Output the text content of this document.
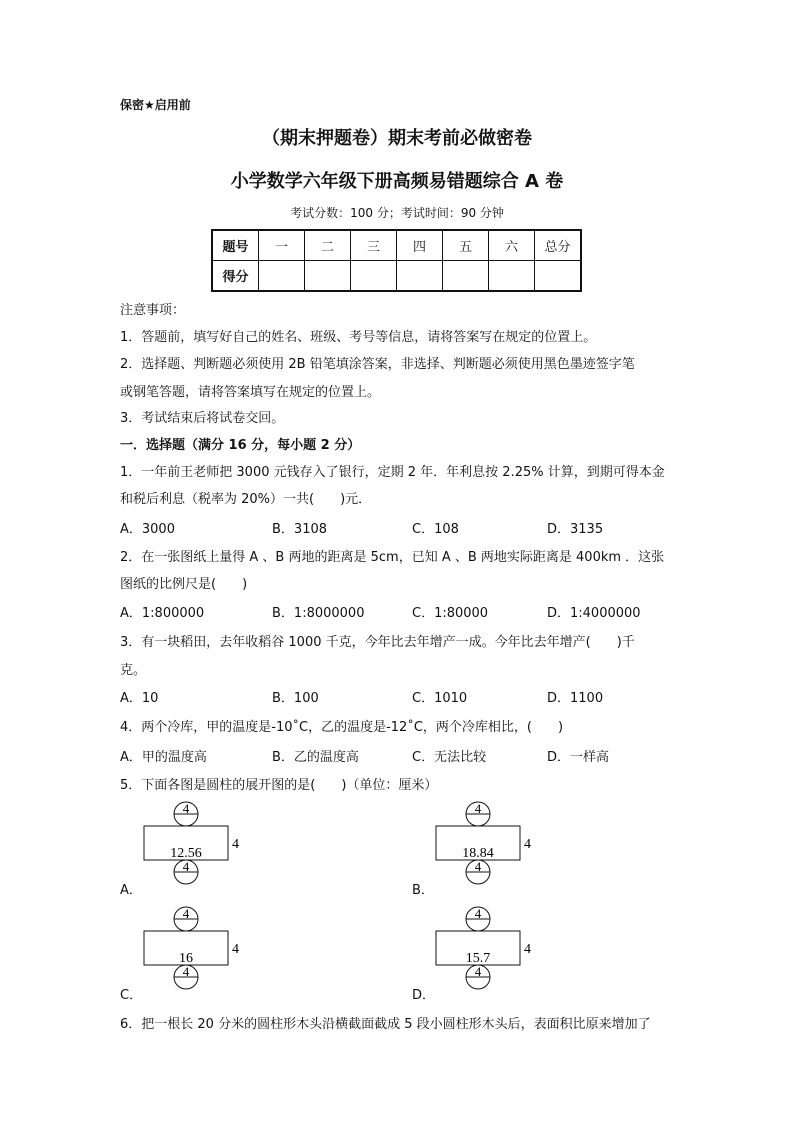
保密★启用前
（期末押题卷）期末考前必做密卷
小学数学六年级下册高频易错题综合 A 卷
考试分数：100 分；考试时间：90 分钟
题号	一	二	三	四	五	六	总分
得分							
注意事项：
1．答题前，填写好自己的姓名、班级、考号等信息，请将答案写在规定的位置上。
2．选择题、判断题必须使用 2B 铅笔填涂答案，非选择、判断题必须使用黑色墨迹签字笔
或钢笔答题，请将答案填写在规定的位置上。
3．考试结束后将试卷交回。
一．选择题（满分 16 分，每小题 2 分）
1．一年前王老师把 3000 元钱存入了银行，定期 2 年．年利息按 2.25% 计算，到期可得本金
和税后利息（税率为 20%）一共(　　)元．
A．3000	B．3108	C．108	D．3135
2．在一张图纸上量得 A 、B 两地的距离是 5cm，已知 A 、B 两地实际距离是 400km ．这张
图纸的比例尺是(　　)
A．1:800000	B．1:8000000	C．1:80000	D．1:4000000
3．有一块稻田，去年收稻谷 1000 千克，今年比去年增产一成。今年比去年增产(　　)千
克。
A．10	B．100	C．1010	D．1100
4．两个冷库，甲的温度是-10˚C，乙的温度是-12˚C，两个冷库相比，(　　)
A．甲的温度高	B．乙的温度高	C．无法比较	D．一样高
5．下面各图是圆柱的展开图的是(　　)（单位：厘米）
4
12.56
4
4
A．
4
18.84
4
4
B．
4
16
4
4
C．
4
15.7
4
4
D．
6．把一根长 20 分米的圆柱形木头沿横截面截成 5 段小圆柱形木头后，表面积比原来增加了
